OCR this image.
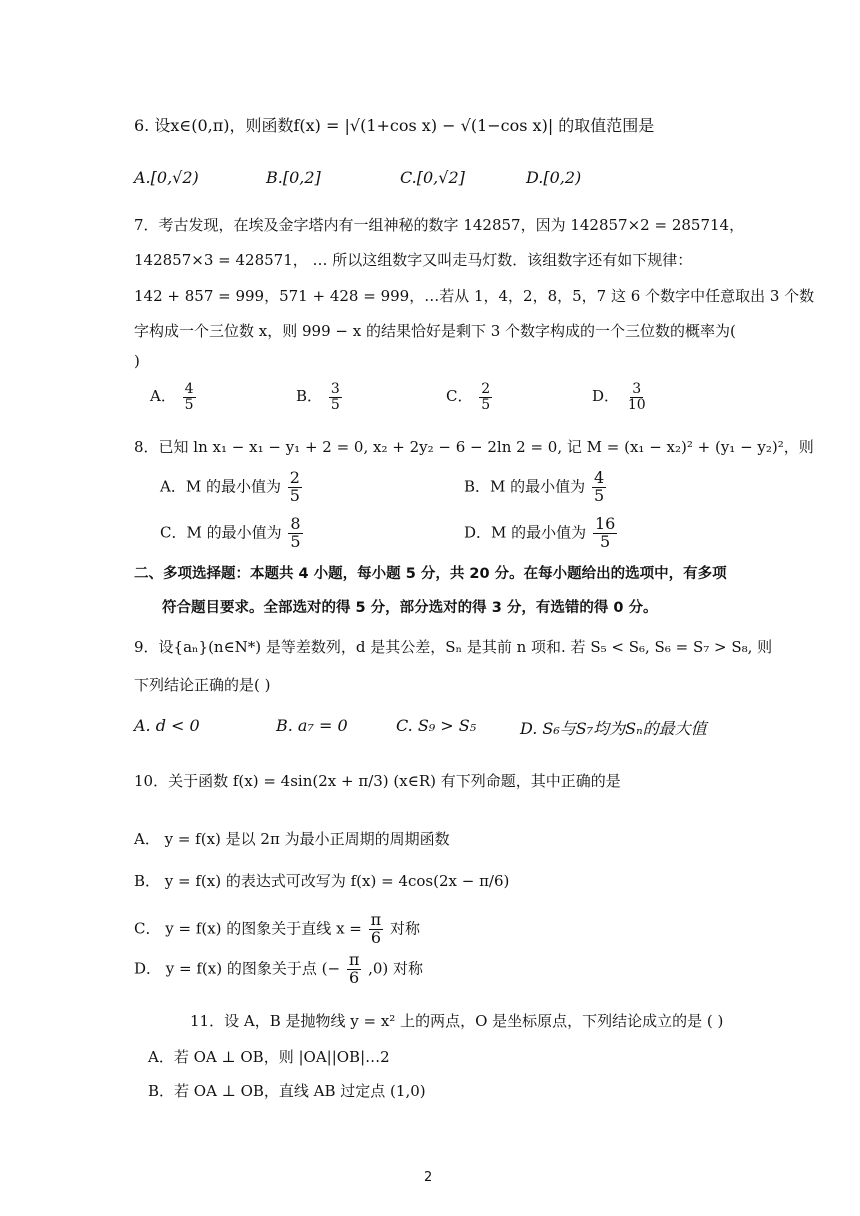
6. 设x∈(0,π)，则函数f(x) = |√(1+cos x) − √(1−cos x)| 的取值范围是
A.[0,√2)	B.[0,2]	C.[0,√2]	D.[0,2)
7．考古发现，在埃及金字塔内有一组神秘的数字 142857，因为 142857×2 = 285714，
142857×3 = 428571， … 所以这组数字又叫走马灯数．该组数字还有如下规律：
142 + 857 = 999，571 + 428 = 999，…若从 1，4，2，8，5，7 这 6 个数字中任意取出 3 个数
字构成一个三位数 x，则 999 − x 的结果恰好是剩下 3 个数字构成的一个三位数的概率为(
)
A． $\frac{4}{5}$	B． $\frac{3}{5}$	C． $\frac{2}{5}$	D． $\frac{3}{10}$
8．已知 ln x₁ − x₁ − y₁ + 2 = 0, x₂ + 2y₂ − 6 − 2ln 2 = 0, 记 M = (x₁ − x₂)² + (y₁ − y₂)²，则
A．M 的最小值为 $\frac{2}{5}$	B．M 的最小值为 $\frac{4}{5}$
C．M 的最小值为 $\frac{8}{5}$	D．M 的最小值为 $\frac{16}{5}$
二、多项选择题：本题共 4 小题，每小题 5 分，共 20 分。在每小题给出的选项中，有多项
符合题目要求。全部选对的得 5 分，部分选对的得 3 分，有选错的得 0 分。
9．设{aₙ}(n∈N*) 是等差数列，d 是其公差，Sₙ 是其前 n 项和. 若 S₅ < S₆, S₆ = S₇ > S₈, 则
下列结论正确的是( )
A. d < 0	B. a₇ = 0	C. S₉ > S₅	D. S₆与S₇均为Sₙ的最大值
10．关于函数 f(x) = 4sin(2x + π/3) (x∈R) 有下列命题，其中正确的是
A． y = f(x) 是以 2π 为最小正周期的周期函数
B． y = f(x) 的表达式可改写为 f(x) = 4cos(2x − π/6)
C． y = f(x) 的图象关于直线 $x = \frac{\pi}{6}$ 对称
D． y = f(x) 的图象关于点 (− $\frac{\pi}{6} ,0$) 对称
11．设 A，B 是抛物线 y = x² 上的两点，O 是坐标原点，下列结论成立的是 ( )
A．若 OA ⊥ OB，则 |OA||OB|…2
B．若 OA ⊥ OB，直线 AB 过定点 (1,0)
2
